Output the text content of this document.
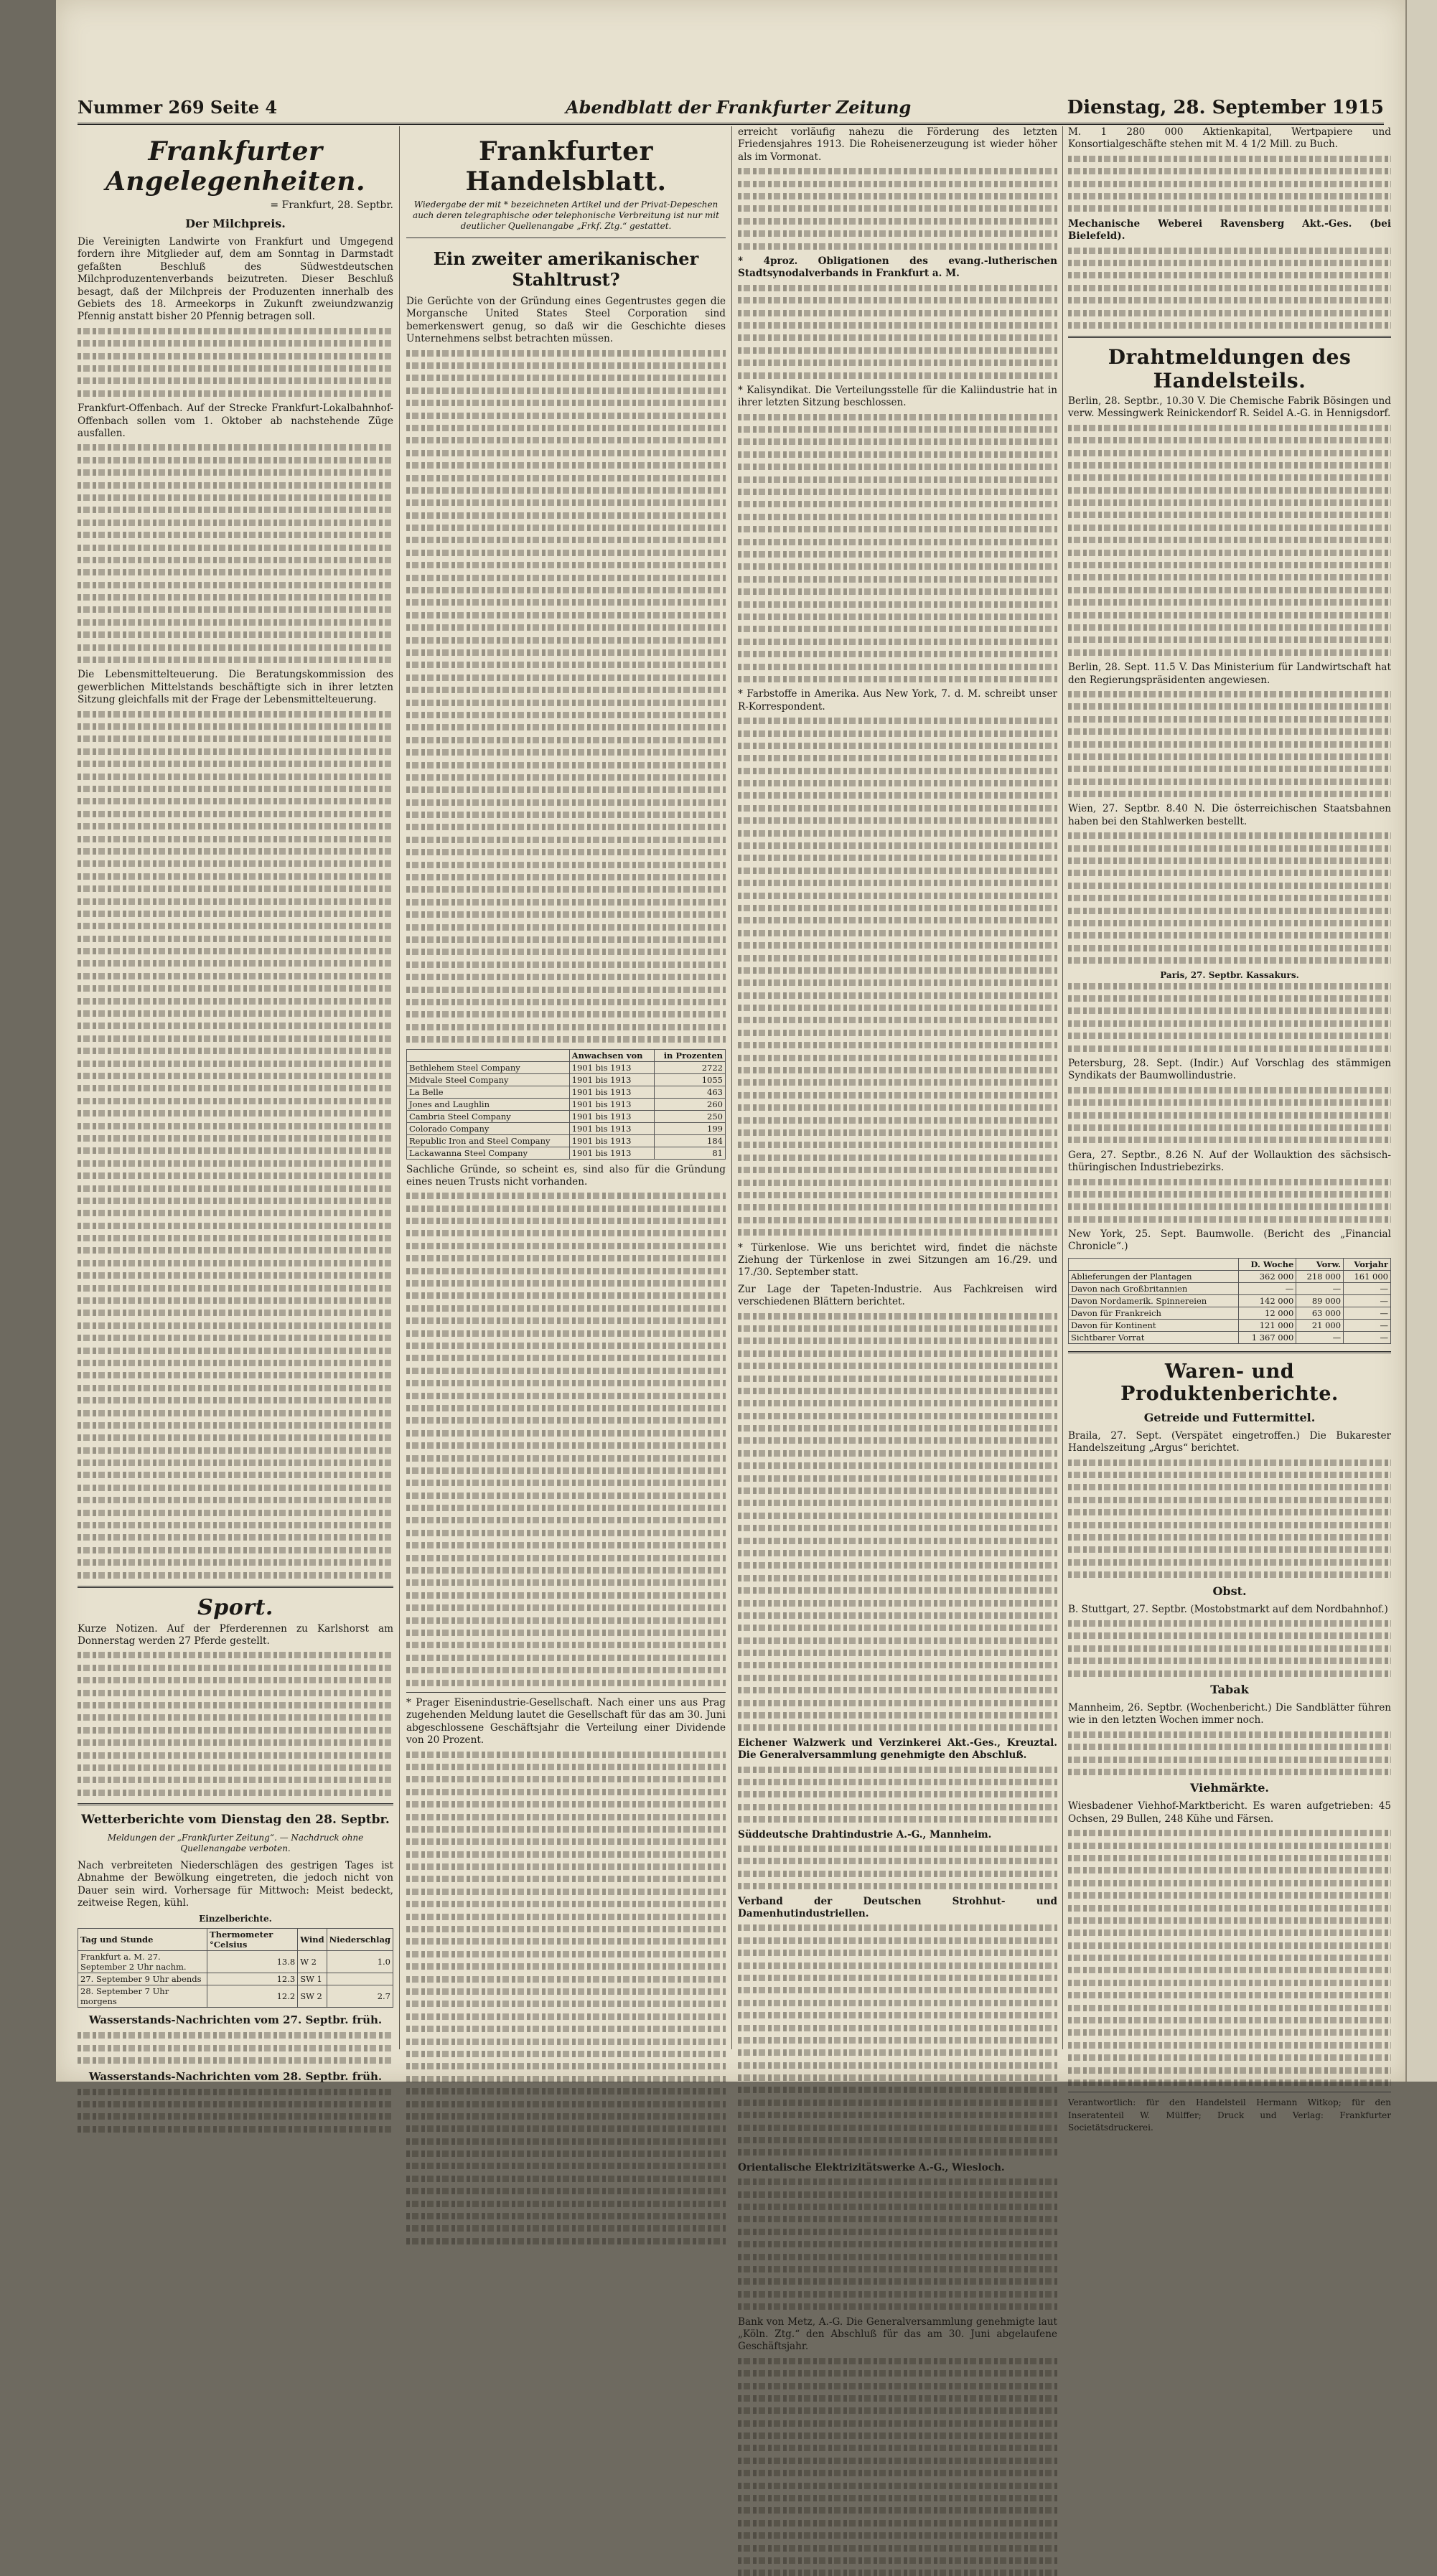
Nummer 269 Seite 4	Abendblatt der Frankfurter Zeitung	Dienstag, 28. September 1915
Frankfurter Angelegenheiten.
= Frankfurt, 28. Septbr.
Der Milchpreis.

Die Vereinigten Landwirte von Frankfurt und Umgegend fordern ihre Mitglieder auf, dem am Sonntag in Darmstadt gefaßten Beschluß des Südwestdeutschen Milchproduzentenverbands beizutreten. Dieser Beschluß besagt, daß der Milchpreis der Produzenten innerhalb des Gebiets des 18. Armeekorps in Zukunft zweiundzwanzig Pfennig anstatt bisher 20 Pfennig betragen soll.

Frankfurt-Offenbach. Auf der Strecke Frankfurt-Lokalbahnhof-Offenbach sollen vom 1. Oktober ab nachstehende Züge ausfallen.

Die Lebensmittelteuerung. Die Beratungskommission des gewerblichen Mittelstands beschäftigte sich in ihrer letzten Sitzung gleichfalls mit der Frage der Lebensmittelteuerung.

Sport.

Kurze Notizen. Auf der Pferderennen zu Karlshorst am Donnerstag werden 27 Pferde gestellt.

Wetterberichte vom Dienstag den 28. Septbr.
Meldungen der „Frankfurter Zeitung“. — Nachdruck ohne Quellenangabe verboten.

Nach verbreiteten Niederschlägen des gestrigen Tages ist Abnahme der Bewölkung eingetreten, die jedoch nicht von Dauer sein wird. Vorhersage für Mittwoch: Meist bedeckt, zeitweise Regen, kühl.

Einzelberichte.
Tag und Stunde	Thermometer °Celsius	Wind	Niederschlag
Frankfurt a. M. 27. September 2 Uhr nachm.	13.8	W 2	1.0
27. September 9 Uhr abends	12.3	SW 1	
28. September 7 Uhr morgens	12.2	SW 2	2.7
Wasserstands-Nachrichten vom 27. Septbr. früh.
Wasserstands-Nachrichten vom 28. Septbr. früh.
Frankfurter Handelsblatt.
Wiedergabe der mit * bezeichneten Artikel und der Privat-Depeschen auch deren telegraphische oder telephonische Verbreitung ist nur mit deutlicher Quellenangabe „Frkf. Ztg.“ gestattet.
Ein zweiter amerikanischer Stahltrust?

Die Gerüchte von der Gründung eines Gegentrustes gegen die Morgansche United States Steel Corporation sind bemerkenswert genug, so daß wir die Geschichte dieses Unternehmens selbst betrachten müssen.

	Anwachsen von	in Prozenten
Bethlehem Steel Company	1901 bis 1913	2722
Midvale Steel Company	1901 bis 1913	1055
La Belle	1901 bis 1913	463
Jones and Laughlin	1901 bis 1913	260
Cambria Steel Company	1901 bis 1913	250
Colorado Company	1901 bis 1913	199
Republic Iron and Steel Company	1901 bis 1913	184
Lackawanna Steel Company	1901 bis 1913	81

Sachliche Gründe, so scheint es, sind also für die Gründung eines neuen Trusts nicht vorhanden.

* Prager Eisenindustrie-Gesellschaft. Nach einer uns aus Prag zugehenden Meldung lautet die Gesellschaft für das am 30. Juni abgeschlossene Geschäftsjahr die Verteilung einer Dividende von 20 Prozent.

erreicht vorläufig nahezu die Förderung des letzten Friedensjahres 1913. Die Roheisenerzeugung ist wieder höher als im Vormonat.

* 4proz. Obligationen des evang.-lutherischen Stadtsynodalverbands in Frankfurt a. M.

* Kalisyndikat. Die Verteilungsstelle für die Kaliindustrie hat in ihrer letzten Sitzung beschlossen.

* Farbstoffe in Amerika. Aus New York, 7. d. M. schreibt unser R-Korrespondent.

* Türkenlose. Wie uns berichtet wird, findet die nächste Ziehung der Türkenlose in zwei Sitzungen am 16./29. und 17./30. September statt.

Zur Lage der Tapeten-Industrie. Aus Fachkreisen wird verschiedenen Blättern berichtet.

Eichener Walzwerk und Verzinkerei Akt.-Ges., Kreuztal. Die Generalversammlung genehmigte den Abschluß.

Süddeutsche Drahtindustrie A.-G., Mannheim.

Verband der Deutschen Strohhut- und Damenhutindustriellen.

Orientalische Elektrizitätswerke A.-G., Wiesloch.

Bank von Metz, A.-G. Die Generalversammlung genehmigte laut „Köln. Ztg.“ den Abschluß für das am 30. Juni abgelaufene Geschäftsjahr.

M. 1 280 000 Aktienkapital, Wertpapiere und Konsortialgeschäfte stehen mit M. 4 1/2 Mill. zu Buch.

Mechanische Weberei Ravensberg Akt.-Ges. (bei Bielefeld).

Drahtmeldungen des Handelsteils.

Berlin, 28. Septbr., 10.30 V. Die Chemische Fabrik Bösingen und verw. Messingwerk Reinickendorf R. Seidel A.-G. in Hennigsdorf.

Berlin, 28. Sept. 11.5 V. Das Ministerium für Landwirtschaft hat den Regierungspräsidenten angewiesen.

Wien, 27. Septbr. 8.40 N. Die österreichischen Staatsbahnen haben bei den Stahlwerken bestellt.

Paris, 27. Septbr. Kassakurs.

Petersburg, 28. Sept. (Indir.) Auf Vorschlag des stämmigen Syndikats der Baumwollindustrie.

Gera, 27. Septbr., 8.26 N. Auf der Wollauktion des sächsisch-thüringischen Industriebezirks.

New York, 25. Sept. Baumwolle. (Bericht des „Financial Chronicle“.)

	D. Woche	Vorw.	Vorjahr
Ablieferungen der Plantagen	362 000	218 000	161 000
Davon nach Großbritannien	—	—	—
Davon Nordamerik. Spinnereien	142 000	89 000	—
Davon für Frankreich	12 000	63 000	—
Davon für Kontinent	121 000	21 000	—
Sichtbarer Vorrat	1 367 000	—	—
Waren- und Produktenberichte.
Getreide und Futtermittel.

Braila, 27. Sept. (Verspätet eingetroffen.) Die Bukarester Handelszeitung „Argus“ berichtet.

Obst.

B. Stuttgart, 27. Septbr. (Mostobstmarkt auf dem Nordbahnhof.)

Tabak

Mannheim, 26. Septbr. (Wochenbericht.) Die Sandblätter führen wie in den letzten Wochen immer noch.

Viehmärkte.

Wiesbadener Viehhof-Marktbericht. Es waren aufgetrieben: 45 Ochsen, 29 Bullen, 248 Kühe und Färsen.

Verantwortlich: für den Handelsteil Hermann Witkop; für den Inseratenteil W. Mülffer; Druck und Verlag: Frankfurter Societätsdruckerei.
